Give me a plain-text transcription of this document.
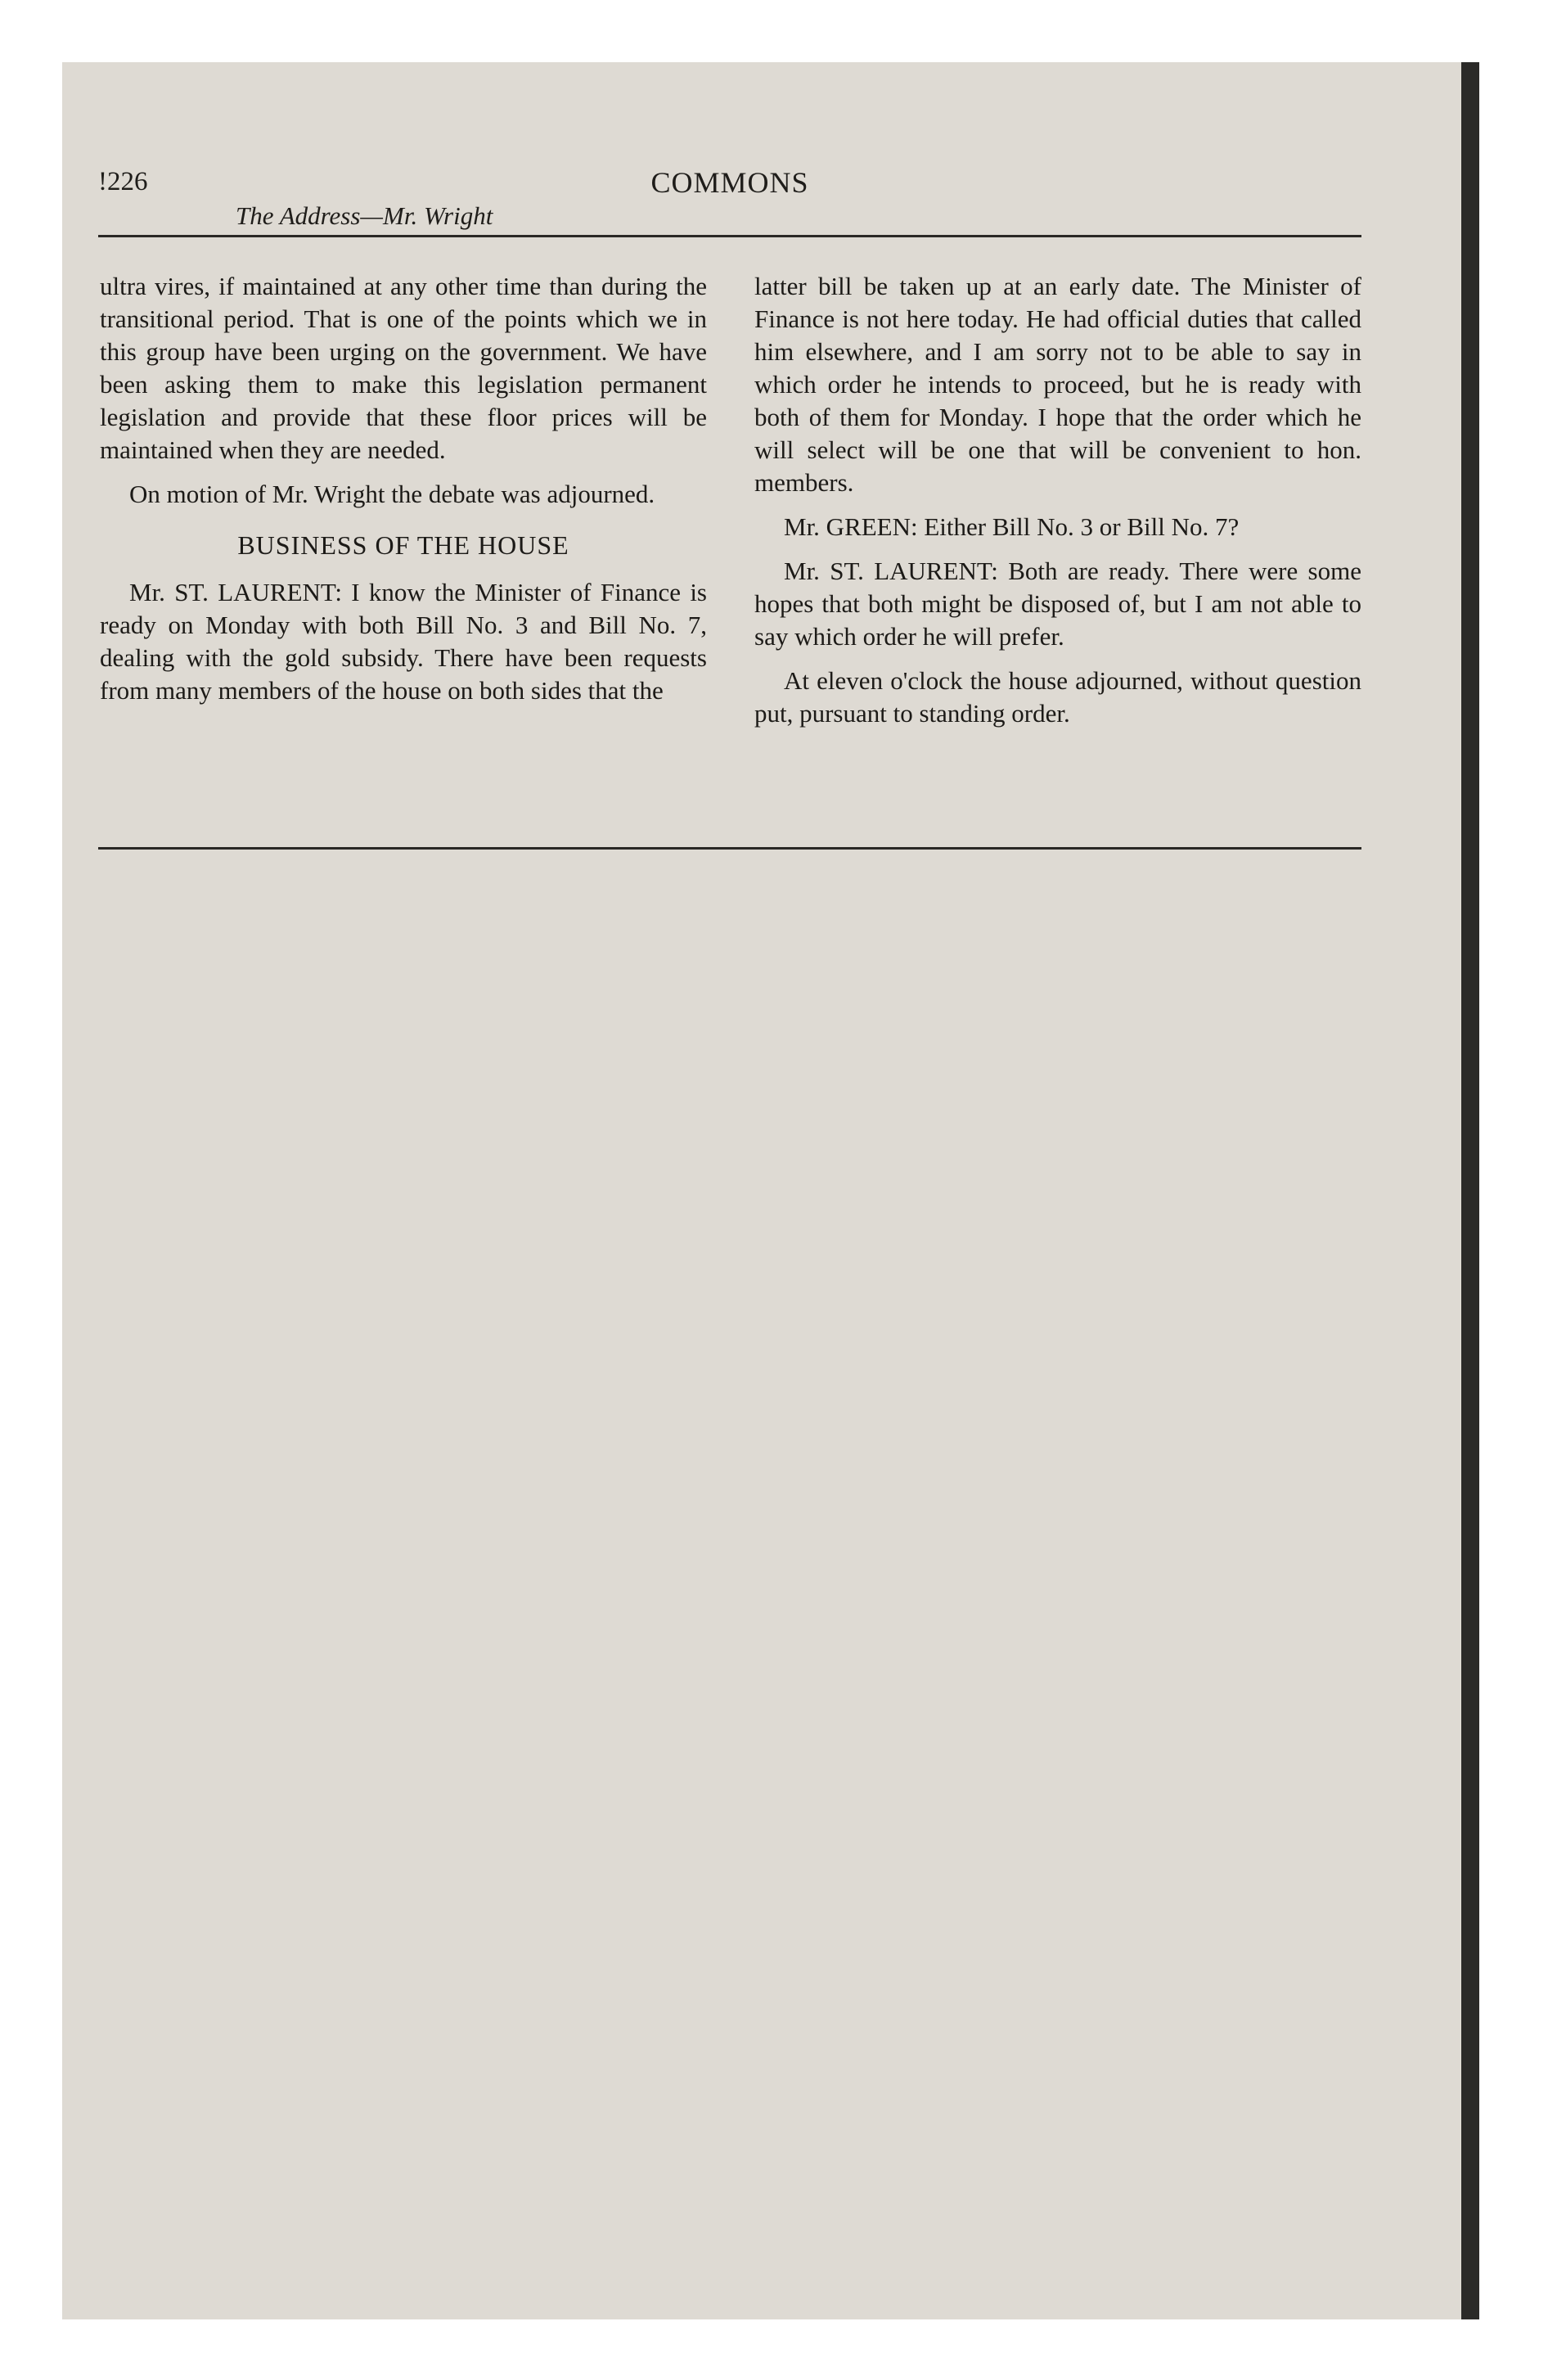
!226	COMMONS
The Address—Mr. Wright

ultra vires, if maintained at any other time than during the transitional period. That is one of the points which we in this group have been urging on the government. We have been asking them to make this legislation permanent legislation and provide that these floor prices will be maintained when they are needed.

On motion of Mr. Wright the debate was adjourned.

BUSINESS OF THE HOUSE

Mr. ST. LAURENT: I know the Minister of Finance is ready on Monday with both Bill No. 3 and Bill No. 7, dealing with the gold subsidy. There have been requests from many members of the house on both sides that the

latter bill be taken up at an early date. The Minister of Finance is not here today. He had official duties that called him elsewhere, and I am sorry not to be able to say in which order he intends to proceed, but he is ready with both of them for Monday. I hope that the order which he will select will be one that will be convenient to hon. members.

Mr. GREEN: Either Bill No. 3 or Bill No. 7?

Mr. ST. LAURENT: Both are ready. There were some hopes that both might be disposed of, but I am not able to say which order he will prefer.

At eleven o'clock the house adjourned, without question put, pursuant to standing order.
